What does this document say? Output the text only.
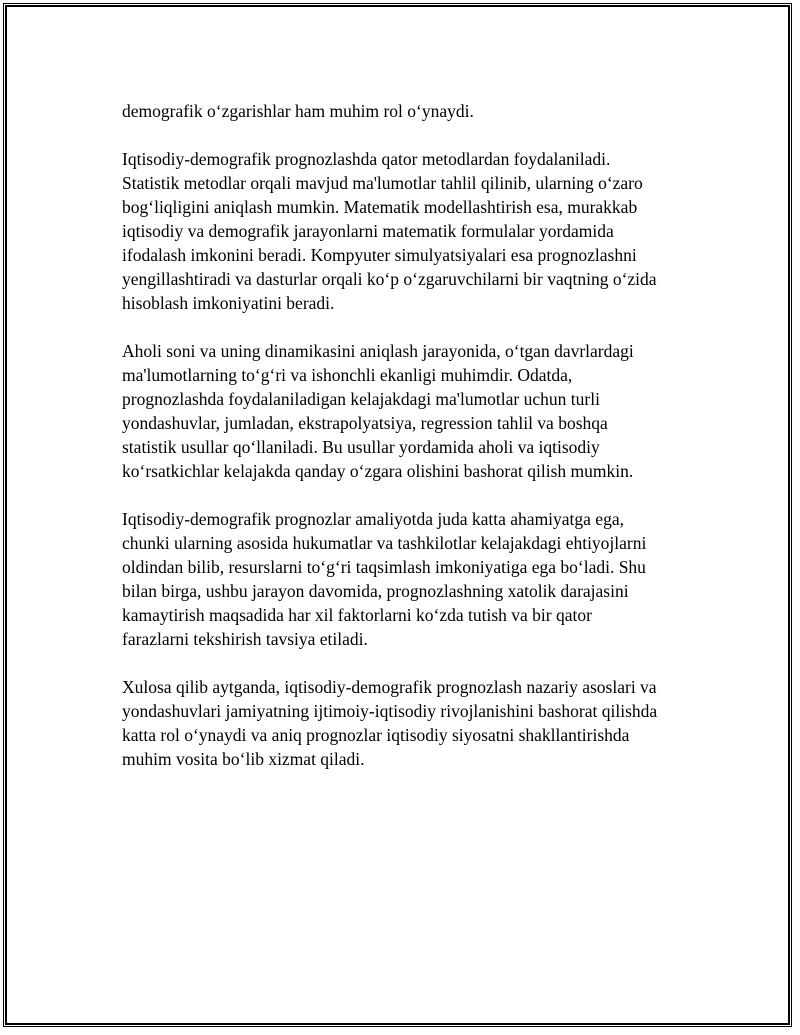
demografik o‘zgarishlar ham muhim rol o‘ynaydi.

Iqtisodiy-demografik prognozlashda qator metodlardan foydalaniladi.
Statistik metodlar orqali mavjud ma'lumotlar tahlil qilinib, ularning o‘zaro
bog‘liqligini aniqlash mumkin. Matematik modellashtirish esa, murakkab
iqtisodiy va demografik jarayonlarni matematik formulalar yordamida
ifodalash imkonini beradi. Kompyuter simulyatsiyalari esa prognozlashni
yengillashtiradi va dasturlar orqali ko‘p o‘zgaruvchilarni bir vaqtning o‘zida
hisoblash imkoniyatini beradi.

Aholi soni va uning dinamikasini aniqlash jarayonida, o‘tgan davrlardagi
ma'lumotlarning to‘g‘ri va ishonchli ekanligi muhimdir. Odatda,
prognozlashda foydalaniladigan kelajakdagi ma'lumotlar uchun turli
yondashuvlar, jumladan, ekstrapolyatsiya, regression tahlil va boshqa
statistik usullar qo‘llaniladi. Bu usullar yordamida aholi va iqtisodiy
ko‘rsatkichlar kelajakda qanday o‘zgara olishini bashorat qilish mumkin.

Iqtisodiy-demografik prognozlar amaliyotda juda katta ahamiyatga ega,
chunki ularning asosida hukumatlar va tashkilotlar kelajakdagi ehtiyojlarni
oldindan bilib, resurslarni to‘g‘ri taqsimlash imkoniyatiga ega bo‘ladi. Shu
bilan birga, ushbu jarayon davomida, prognozlashning xatolik darajasini
kamaytirish maqsadida har xil faktorlarni ko‘zda tutish va bir qator
farazlarni tekshirish tavsiya etiladi.

Xulosa qilib aytganda, iqtisodiy-demografik prognozlash nazariy asoslari va
yondashuvlari jamiyatning ijtimoiy-iqtisodiy rivojlanishini bashorat qilishda
katta rol o‘ynaydi va aniq prognozlar iqtisodiy siyosatni shakllantirishda
muhim vosita bo‘lib xizmat qiladi.
